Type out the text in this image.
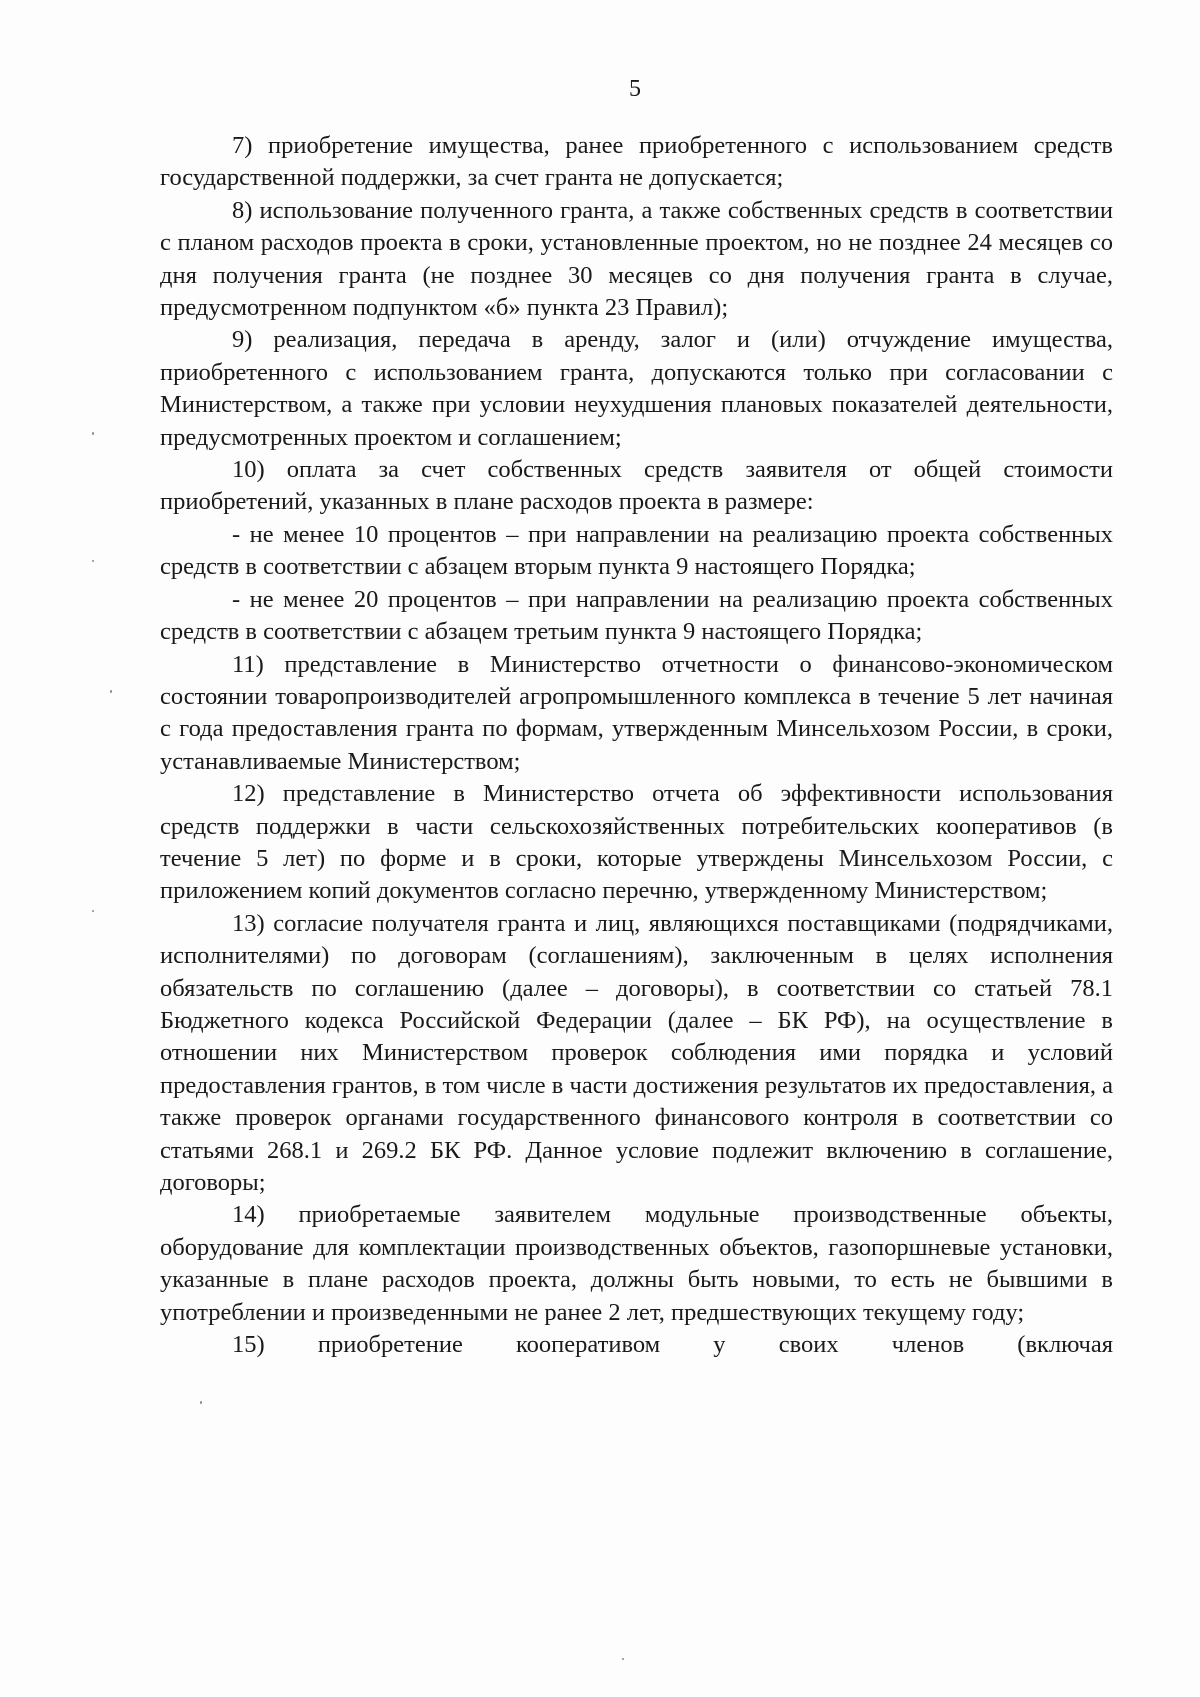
5

7) приобретение имущества, ранее приобретенного с использованием средств государственной поддержки, за счет гранта не допускается;

8) использование полученного гранта, а также собственных средств в соответствии с планом расходов проекта в сроки, установленные проектом, но не позднее 24 месяцев со дня получения гранта (не позднее 30 месяцев со дня получения гранта в случае, предусмотренном подпунктом «б» пункта 23 Правил);

9) реализация, передача в аренду, залог и (или) отчуждение имущества, приобретенного с использованием гранта, допускаются только при согласовании с Министерством, а также при условии неухудшения плановых показателей деятельности, предусмотренных проектом и соглашением;

10) оплата за счет собственных средств заявителя от общей стоимости приобретений, указанных в плане расходов проекта в размере:

- не менее 10 процентов – при направлении на реализацию проекта собственных средств в соответствии с абзацем вторым пункта 9 настоящего Порядка;

- не менее 20 процентов – при направлении на реализацию проекта собственных средств в соответствии с абзацем третьим пункта 9 настоящего Порядка;

11) представление в Министерство отчетности о финансово-экономическом состоянии товаропроизводителей агропромышленного комплекса в течение 5 лет начиная с года предоставления гранта по формам, утвержденным Минсельхозом России, в сроки, устанавливаемые Министерством;

12) представление в Министерство отчета об эффективности использования средств поддержки в части сельскохозяйственных потребительских кооперативов (в течение 5 лет) по форме и в сроки, которые утверждены Минсельхозом России, с приложением копий документов согласно перечню, утвержденному Министерством;

13) согласие получателя гранта и лиц, являющихся поставщиками (подрядчиками, исполнителями) по договорам (соглашениям), заключенным в целях исполнения обязательств по соглашению (далее – договоры), в соответствии со статьей 78.1 Бюджетного кодекса Российской Федерации (далее – БК РФ), на осуществление в отношении них Министерством проверок соблюдения ими порядка и условий предоставления грантов, в том числе в части достижения результатов их предоставления, а также проверок органами государственного финансового контроля в соответствии со статьями 268.1 и 269.2 БК РФ. Данное условие подлежит включению в соглашение, договоры;

14) приобретаемые заявителем модульные производственные объекты, оборудование для комплектации производственных объектов, газопоршневые установки, указанные в плане расходов проекта, должны быть новыми, то есть не бывшими в употреблении и произведенными не ранее 2 лет, предшествующих текущему году;

15) приобретение кооперативом у своих членов (включая
